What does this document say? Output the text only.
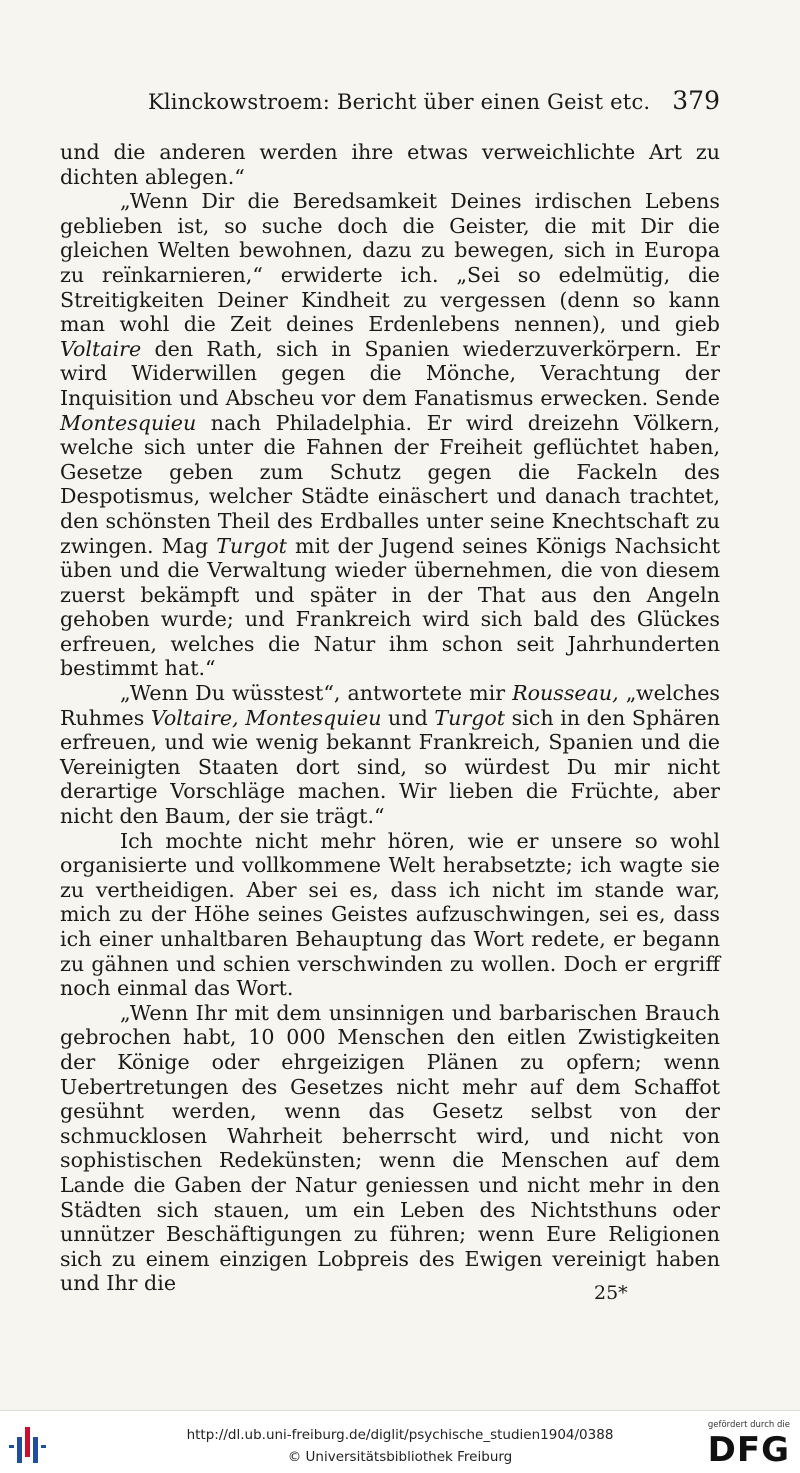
Klinckowstroem: Bericht über einen Geist etc. 379

und die anderen werden ihre etwas verweichlichte Art zu dichten ablegen.“

„Wenn Dir die Beredsamkeit Deines irdischen Lebens geblieben ist, so suche doch die Geister, die mit Dir die gleichen Welten bewohnen, dazu zu bewegen, sich in Europa zu reïnkarnieren,“ erwiderte ich. „Sei so edelmütig, die Streitigkeiten Deiner Kindheit zu vergessen (denn so kann man wohl die Zeit deines Erdenlebens nennen), und gieb Voltaire den Rath, sich in Spanien wiederzuverkörpern. Er wird Widerwillen gegen die Mönche, Verachtung der Inquisition und Abscheu vor dem Fanatismus erwecken. Sende Montesquieu nach Philadelphia. Er wird dreizehn Völkern, welche sich unter die Fahnen der Freiheit geflüchtet haben, Gesetze geben zum Schutz gegen die Fackeln des Despotismus, welcher Städte einäschert und danach trachtet, den schönsten Theil des Erdballes unter seine Knechtschaft zu zwingen. Mag Turgot mit der Jugend seines Königs Nachsicht üben und die Verwaltung wieder übernehmen, die von diesem zuerst bekämpft und später in der That aus den Angeln gehoben wurde; und Frankreich wird sich bald des Glückes erfreuen, welches die Natur ihm schon seit Jahrhunderten bestimmt hat.“

„Wenn Du wüsstest“, antwortete mir Rousseau, „welches Ruhmes Voltaire, Montesquieu und Turgot sich in den Sphären erfreuen, und wie wenig bekannt Frankreich, Spanien und die Vereinigten Staaten dort sind, so würdest Du mir nicht derartige Vorschläge machen. Wir lieben die Früchte, aber nicht den Baum, der sie trägt.“

Ich mochte nicht mehr hören, wie er unsere so wohl organisierte und vollkommene Welt herabsetzte; ich wagte sie zu vertheidigen. Aber sei es, dass ich nicht im stande war, mich zu der Höhe seines Geistes aufzuschwingen, sei es, dass ich einer unhaltbaren Behauptung das Wort redete, er begann zu gähnen und schien verschwinden zu wollen. Doch er ergriff noch einmal das Wort.

„Wenn Ihr mit dem unsinnigen und barbarischen Brauch gebrochen habt, 10 000 Menschen den eitlen Zwistigkeiten der Könige oder ehrgeizigen Plänen zu opfern; wenn Uebertretungen des Gesetzes nicht mehr auf dem Schaffot gesühnt werden, wenn das Gesetz selbst von der schmucklosen Wahrheit beherrscht wird, und nicht von sophistischen Redekünsten; wenn die Menschen auf dem Lande die Gaben der Natur geniessen und nicht mehr in den Städten sich stauen, um ein Leben des Nichtsthuns oder unnützer Beschäftigungen zu führen; wenn Eure Religionen sich zu einem einzigen Lobpreis des Ewigen vereinigt haben und Ihr die	25*
http://dl.ub.uni-freiburg.de/diglit/psychische_studien1904/0388
© Universitätsbibliothek Freiburg
gefördert durch die
DFG
